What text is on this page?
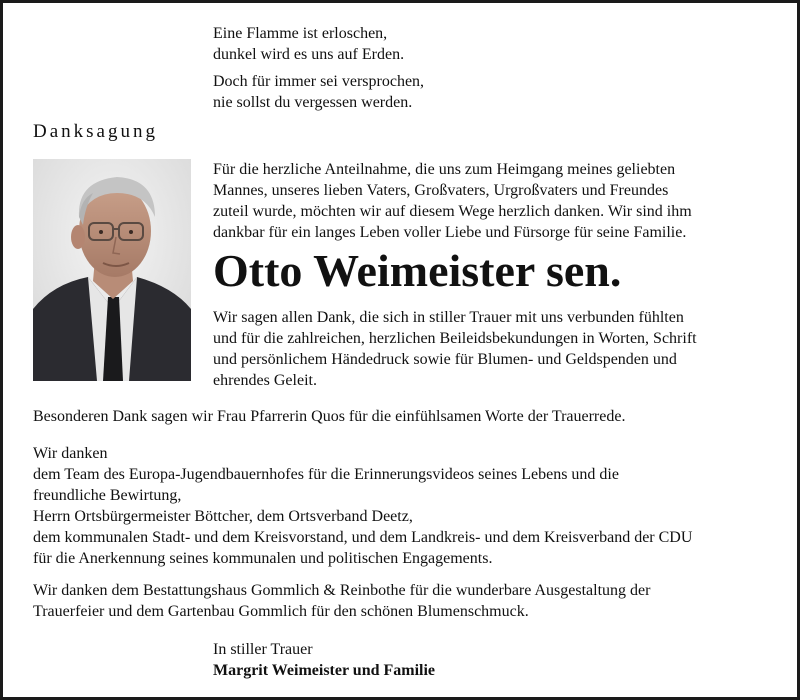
Eine Flamme ist erloschen,
dunkel wird es uns auf Erden.
Doch für immer sei versprochen,
nie sollst du vergessen werden.
Danksagung
Für die herzliche Anteilnahme, die uns zum Heimgang meines geliebten
Mannes, unseres lieben Vaters, Großvaters, Urgroßvaters und Freundes
zuteil wurde, möchten wir auf diesem Wege herzlich danken. Wir sind ihm
dankbar für ein langes Leben voller Liebe und Fürsorge für seine Familie.
Otto Weimeister sen.
Wir sagen allen Dank, die sich in stiller Trauer mit uns verbunden fühlten
und für die zahlreichen, herzlichen Beileidsbekundungen in Worten, Schrift
und persönlichem Händedruck sowie für Blumen- und Geldspenden und
ehrendes Geleit.
Besonderen Dank sagen wir Frau Pfarrerin Quos für die einfühlsamen Worte der Trauerrede.
Wir danken
dem Team des Europa-Jugendbauernhofes für die Erinnerungsvideos seines Lebens und die
freundliche Bewirtung,
Herrn Ortsbürgermeister Böttcher, dem Ortsverband Deetz,
dem kommunalen Stadt- und dem Kreisvorstand, und dem Landkreis- und dem Kreisverband der CDU
für die Anerkennung seines kommunalen und politischen Engagements.
Wir danken dem Bestattungshaus Gommlich & Reinbothe für die wunderbare Ausgestaltung der
Trauerfeier und dem Gartenbau Gommlich für den schönen Blumenschmuck.
In stiller Trauer
Margrit Weimeister und Familie
